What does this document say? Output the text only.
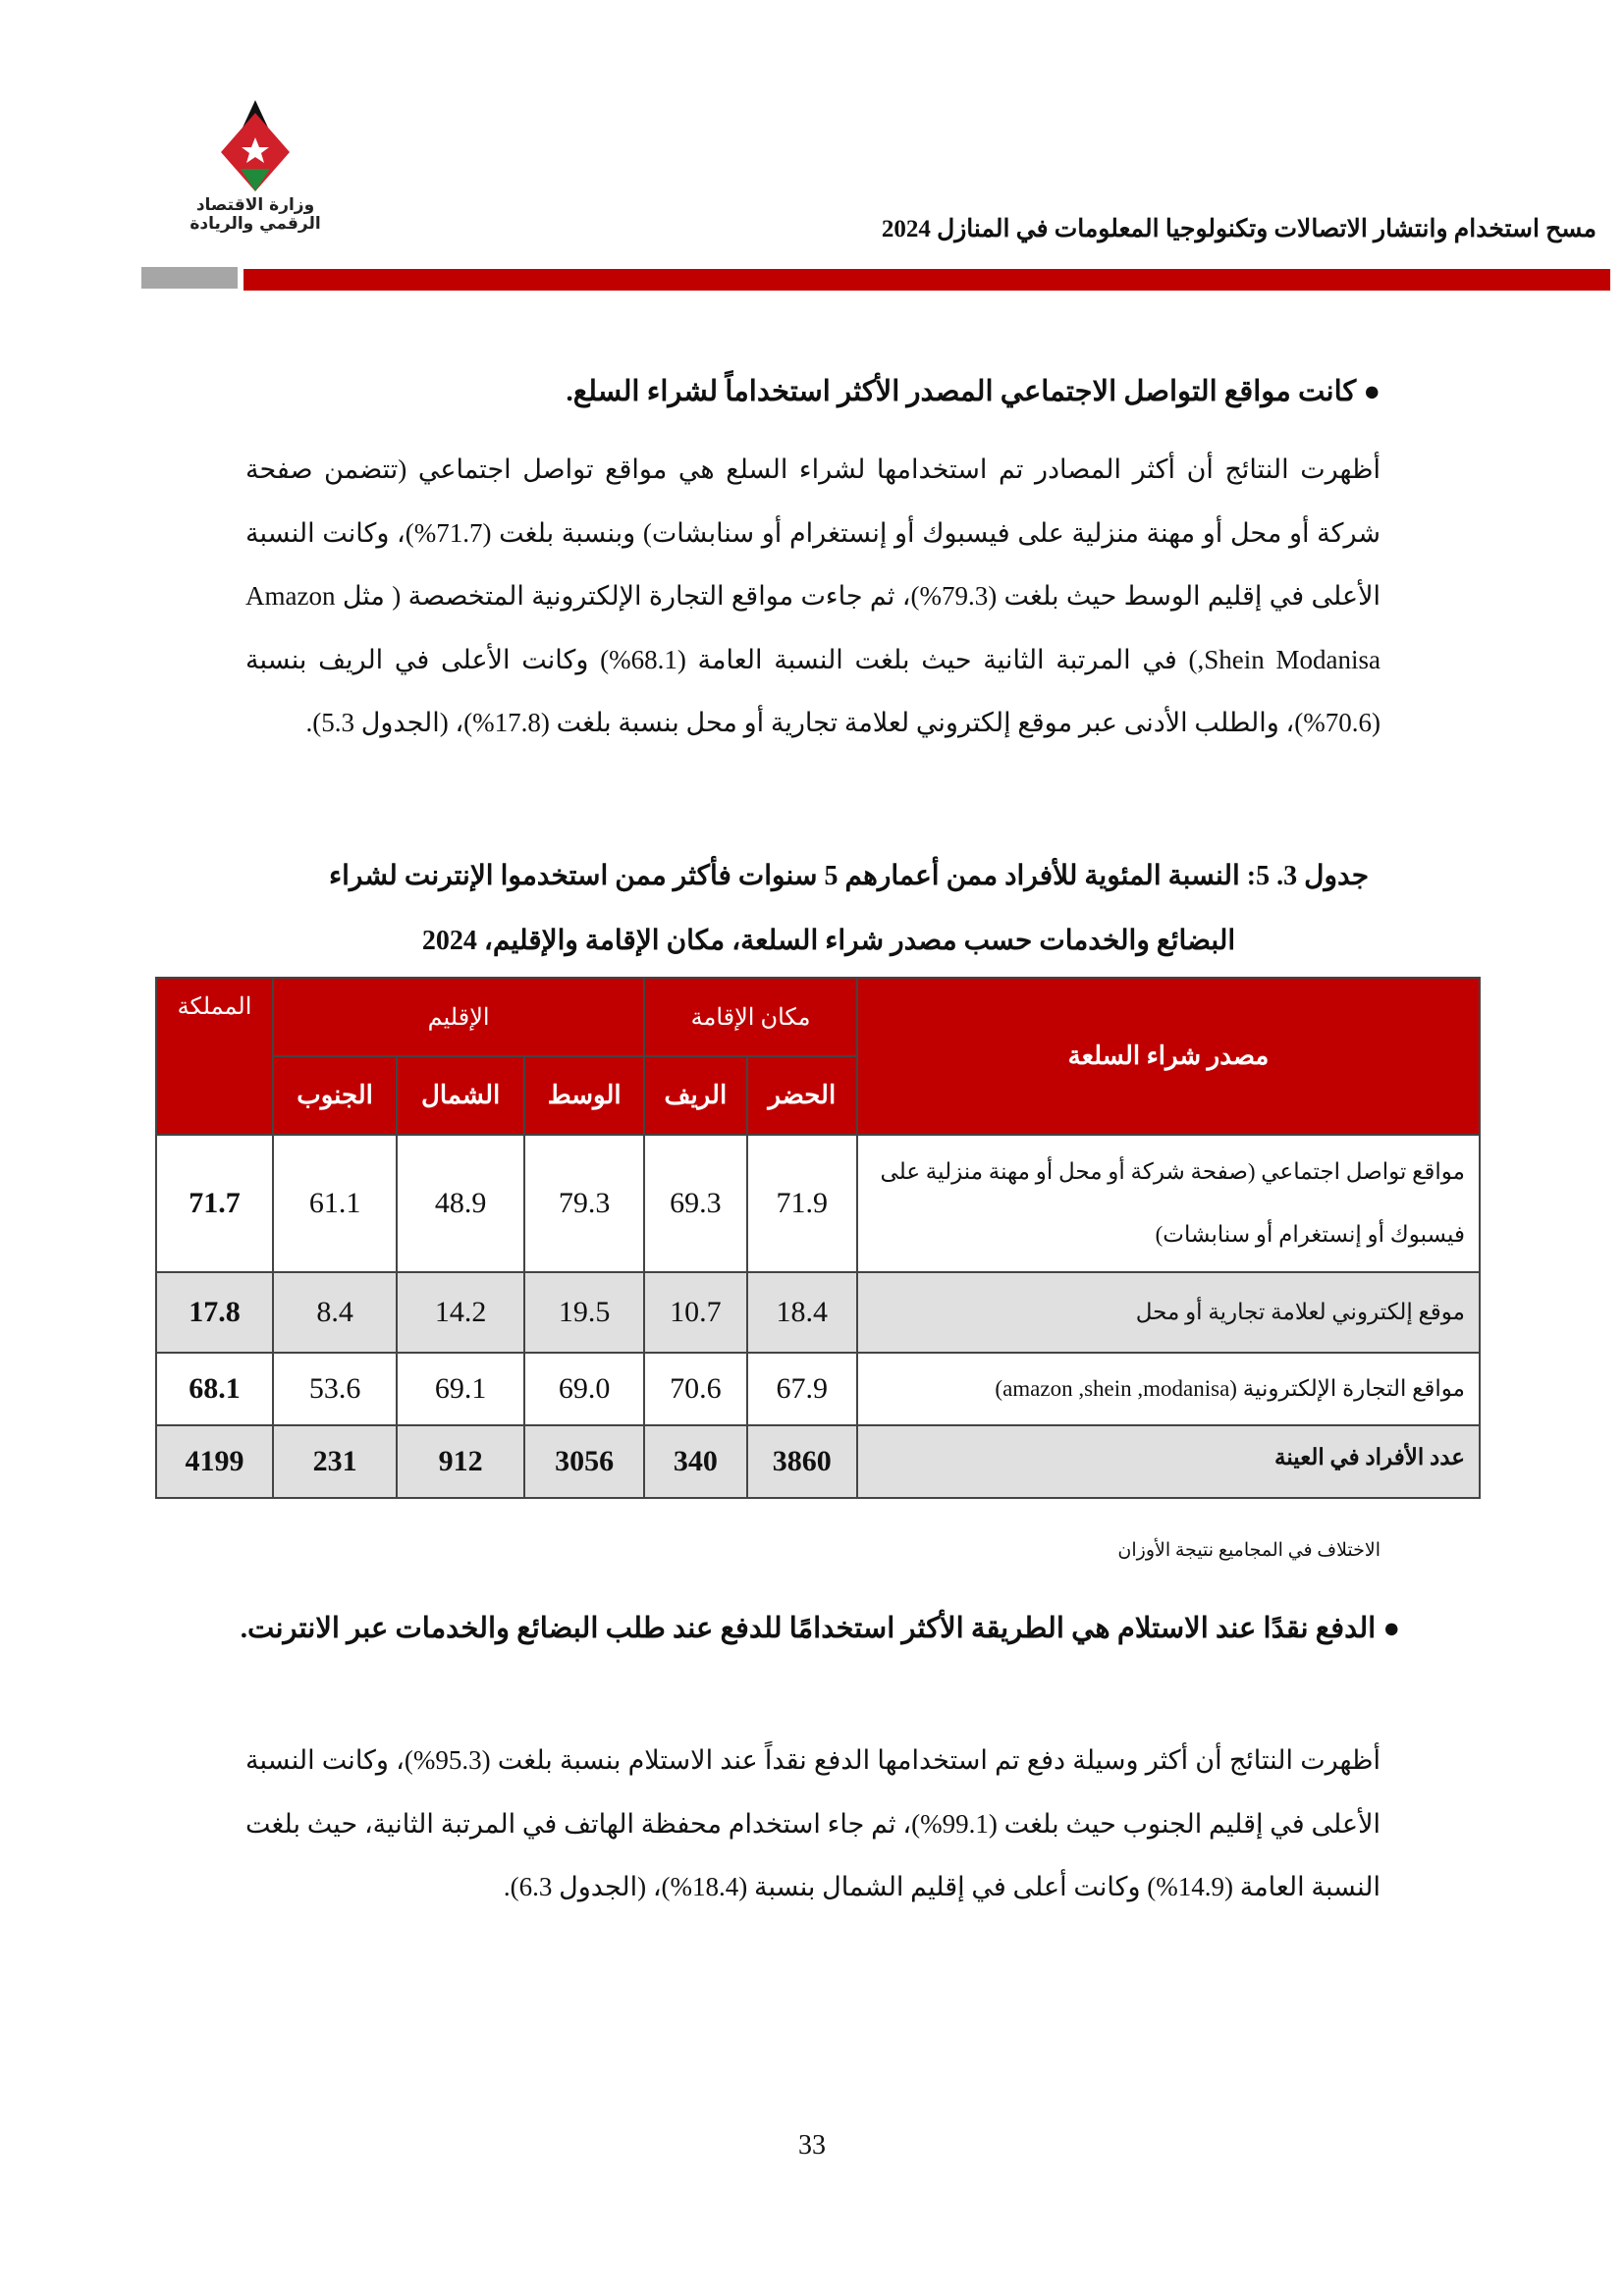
وزارة الاقتصاد
الرقمي والريادة	مسح استخدام وانتشار الاتصالات وتكنولوجيا المعلومات في المنازل 2024
● كانت مواقع التواصل الاجتماعي المصدر الأكثر استخداماً لشراء السلع.
أظهرت النتائج أن أكثر المصادر تم استخدامها لشراء السلع هي مواقع تواصل اجتماعي (تتضمن صفحة شركة أو محل أو مهنة منزلية على فيسبوك أو إنستغرام أو سنابشات) وبنسبة بلغت (71.7%)، وكانت النسبة الأعلى في إقليم الوسط حيث بلغت (79.3%)، ثم جاءت مواقع التجارة الإلكترونية المتخصصة ( مثل Amazon ,Shein Modanisa) في المرتبة الثانية حيث بلغت النسبة العامة (68.1%) وكانت الأعلى في الريف بنسبة (70.6%)، والطلب الأدنى عبر موقع إلكتروني لعلامة تجارية أو محل بنسبة بلغت (17.8%)، (الجدول 5.3).
جدول 3. 5: النسبة المئوية للأفراد ممن أعمارهم 5 سنوات فأكثر ممن استخدموا الإنترنت لشراء
البضائع والخدمات حسب مصدر شراء السلعة، مكان الإقامة والإقليم، 2024
مصدر شراء السلعة	مكان الإقامة		الإقليم			المملكة
	الحضر	الريف	الوسط	الشمال	الجنوب	
مواقع تواصل اجتماعي (صفحة شركة أو محل أو مهنة منزلية على فيسبوك أو إنستغرام أو سنابشات)	71.9	69.3	79.3	48.9	61.1	71.7
موقع إلكتروني لعلامة تجارية أو محل	18.4	10.7	19.5	14.2	8.4	17.8
مواقع التجارة الإلكترونية (amazon ,shein ,modanisa)	67.9	70.6	69.0	69.1	53.6	68.1
عدد الأفراد في العينة	3860	340	3056	912	231	4199
الاختلاف في المجاميع نتيجة الأوزان
● الدفع نقدًا عند الاستلام هي الطريقة الأكثر استخدامًا للدفع عند طلب البضائع والخدمات عبر الانترنت.
أظهرت النتائج أن أكثر وسيلة دفع تم استخدامها الدفع نقداً عند الاستلام بنسبة بلغت (95.3%)، وكانت النسبة الأعلى في إقليم الجنوب حيث بلغت (99.1%)، ثم جاء استخدام محفظة الهاتف في المرتبة الثانية، حيث بلغت النسبة العامة (14.9%) وكانت أعلى في إقليم الشمال بنسبة (18.4%)، (الجدول 6.3).
33
